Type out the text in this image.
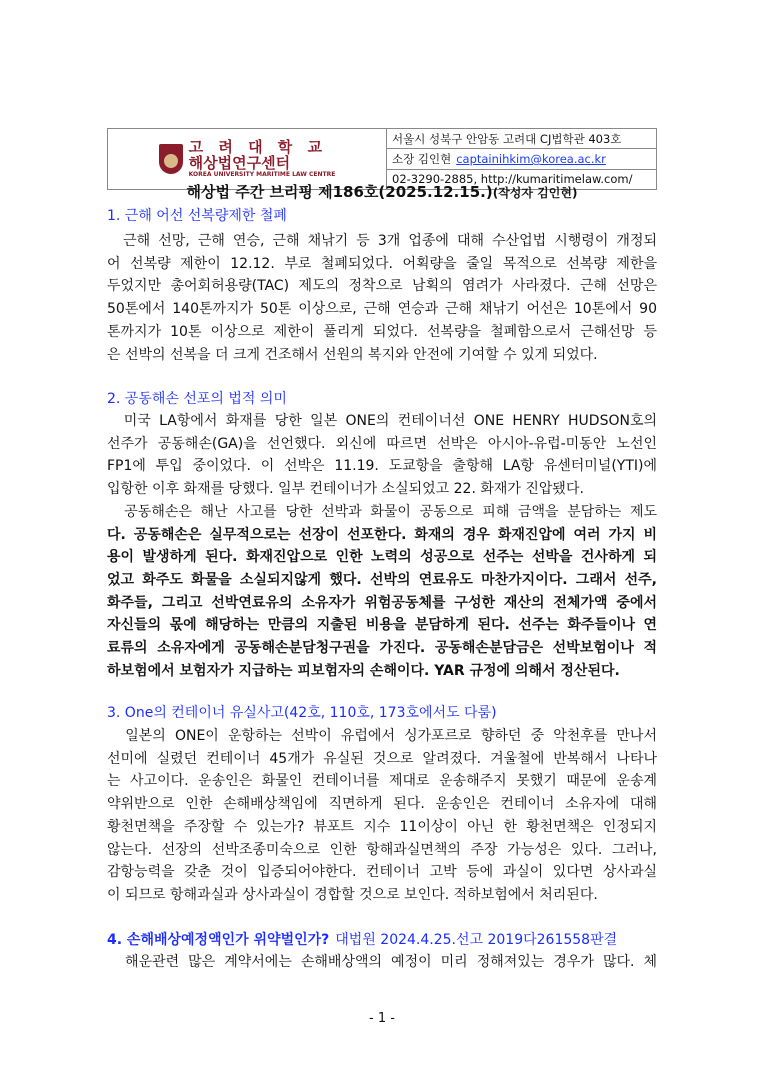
고 려 대 학 교
해상법연구센터
KOREA UNIVERSITY MARITIME LAW CENTRE
서울시 성북구 안암동 고려대 CJ법학관 403호
소장 김인현 captainihkim@korea.ac.kr
02-3290-2885, http://kumaritimelaw.com/
해상법 주간 브리핑 제186호(2025.12.15.)(작성자 김인현)
1. 근해 어선 선복량제한 철폐
근해 선망, 근해 연승, 근해 채낚기 등 3개 업종에 대해 수산업법 시행령이 개정되
어 선복량 제한이 12.12. 부로 철폐되었다. 어획량을 줄일 목적으로 선복량 제한을
두었지만 총어회허용량(TAC) 제도의 정착으로 남획의 염려가 사라졌다. 근해 선망은
50톤에서 140톤까지가 50톤 이상으로, 근해 연승과 근해 채낚기 어선은 10톤에서 90
톤까지가 10톤 이상으로 제한이 풀리게 되었다. 선복량을 철폐함으로서 근해선망 등
은 선박의 선복을 더 크게 건조해서 선원의 복지와 안전에 기여할 수 있게 되었다.
2. 공동해손 선포의 법적 의미
미국 LA항에서 화재를 당한 일본 ONE의 컨테이너선 ONE HENRY HUDSON호의
선주가 공동해손(GA)을 선언했다. 외신에 따르면 선박은 아시아-유럽-미동안 노선인
FP1에 투입 중이었다. 이 선박은 11.19. 도쿄항을 출항해 LA항 유센터미널(YTI)에
입항한 이후 화재를 당했다. 일부 컨테이너가 소실되었고 22. 화재가 진압됐다.
공동해손은 해난 사고를 당한 선박과 화물이 공동으로 피해 금액을 분담하는 제도
다. 공동해손은 실무적으로는 선장이 선포한다. 화재의 경우 화재진압에 여러 가지 비
용이 발생하게 된다. 화재진압으로 인한 노력의 성공으로 선주는 선박을 건사하게 되
었고 화주도 화물을 소실되지않게 했다. 선박의 연료유도 마찬가지이다. 그래서 선주,
화주들, 그리고 선박연료유의 소유자가 위험공동체를 구성한 재산의 전체가액 중에서
자신들의 몫에 해당하는 만큼의 지출된 비용을 분담하게 된다. 선주는 화주들이나 연
료류의 소유자에게 공동해손분담청구권을 가진다. 공동해손분담금은 선박보험이나 적
하보험에서 보험자가 지급하는 피보험자의 손해이다. YAR 규정에 의해서 정산된다.
3. One의 컨테이너 유실사고(42호, 110호, 173호에서도 다룸)
일본의 ONE이 운항하는 선박이 유럽에서 싱가포르로 향하던 중 악천후를 만나서
선미에 실렸던 컨테이너 45개가 유실된 것으로 알려졌다. 겨울철에 반복해서 나타나
는 사고이다. 운송인은 화물인 컨테이너를 제대로 운송해주지 못했기 때문에 운송계
약위반으로 인한 손해배상책임에 직면하게 된다. 운송인은 컨테이너 소유자에 대해
황천면책을 주장할 수 있는가? 뷰포트 지수 11이상이 아닌 한 황천면책은 인정되지
않는다. 선장의 선박조종미숙으로 인한 항해과실면책의 주장 가능성은 있다. 그러나,
감항능력을 갖춘 것이 입증되어야한다. 컨테이너 고박 등에 과실이 있다면 상사과실
이 되므로 항해과실과 상사과실이 경합할 것으로 보인다. 적하보험에서 처리된다.
4. 손해배상예정액인가 위약벌인가? 대법원 2024.4.25.선고 2019다261558판결
해운관련 많은 계약서에는 손해배상액의 예정이 미리 정해져있는 경우가 많다. 체
- 1 -
